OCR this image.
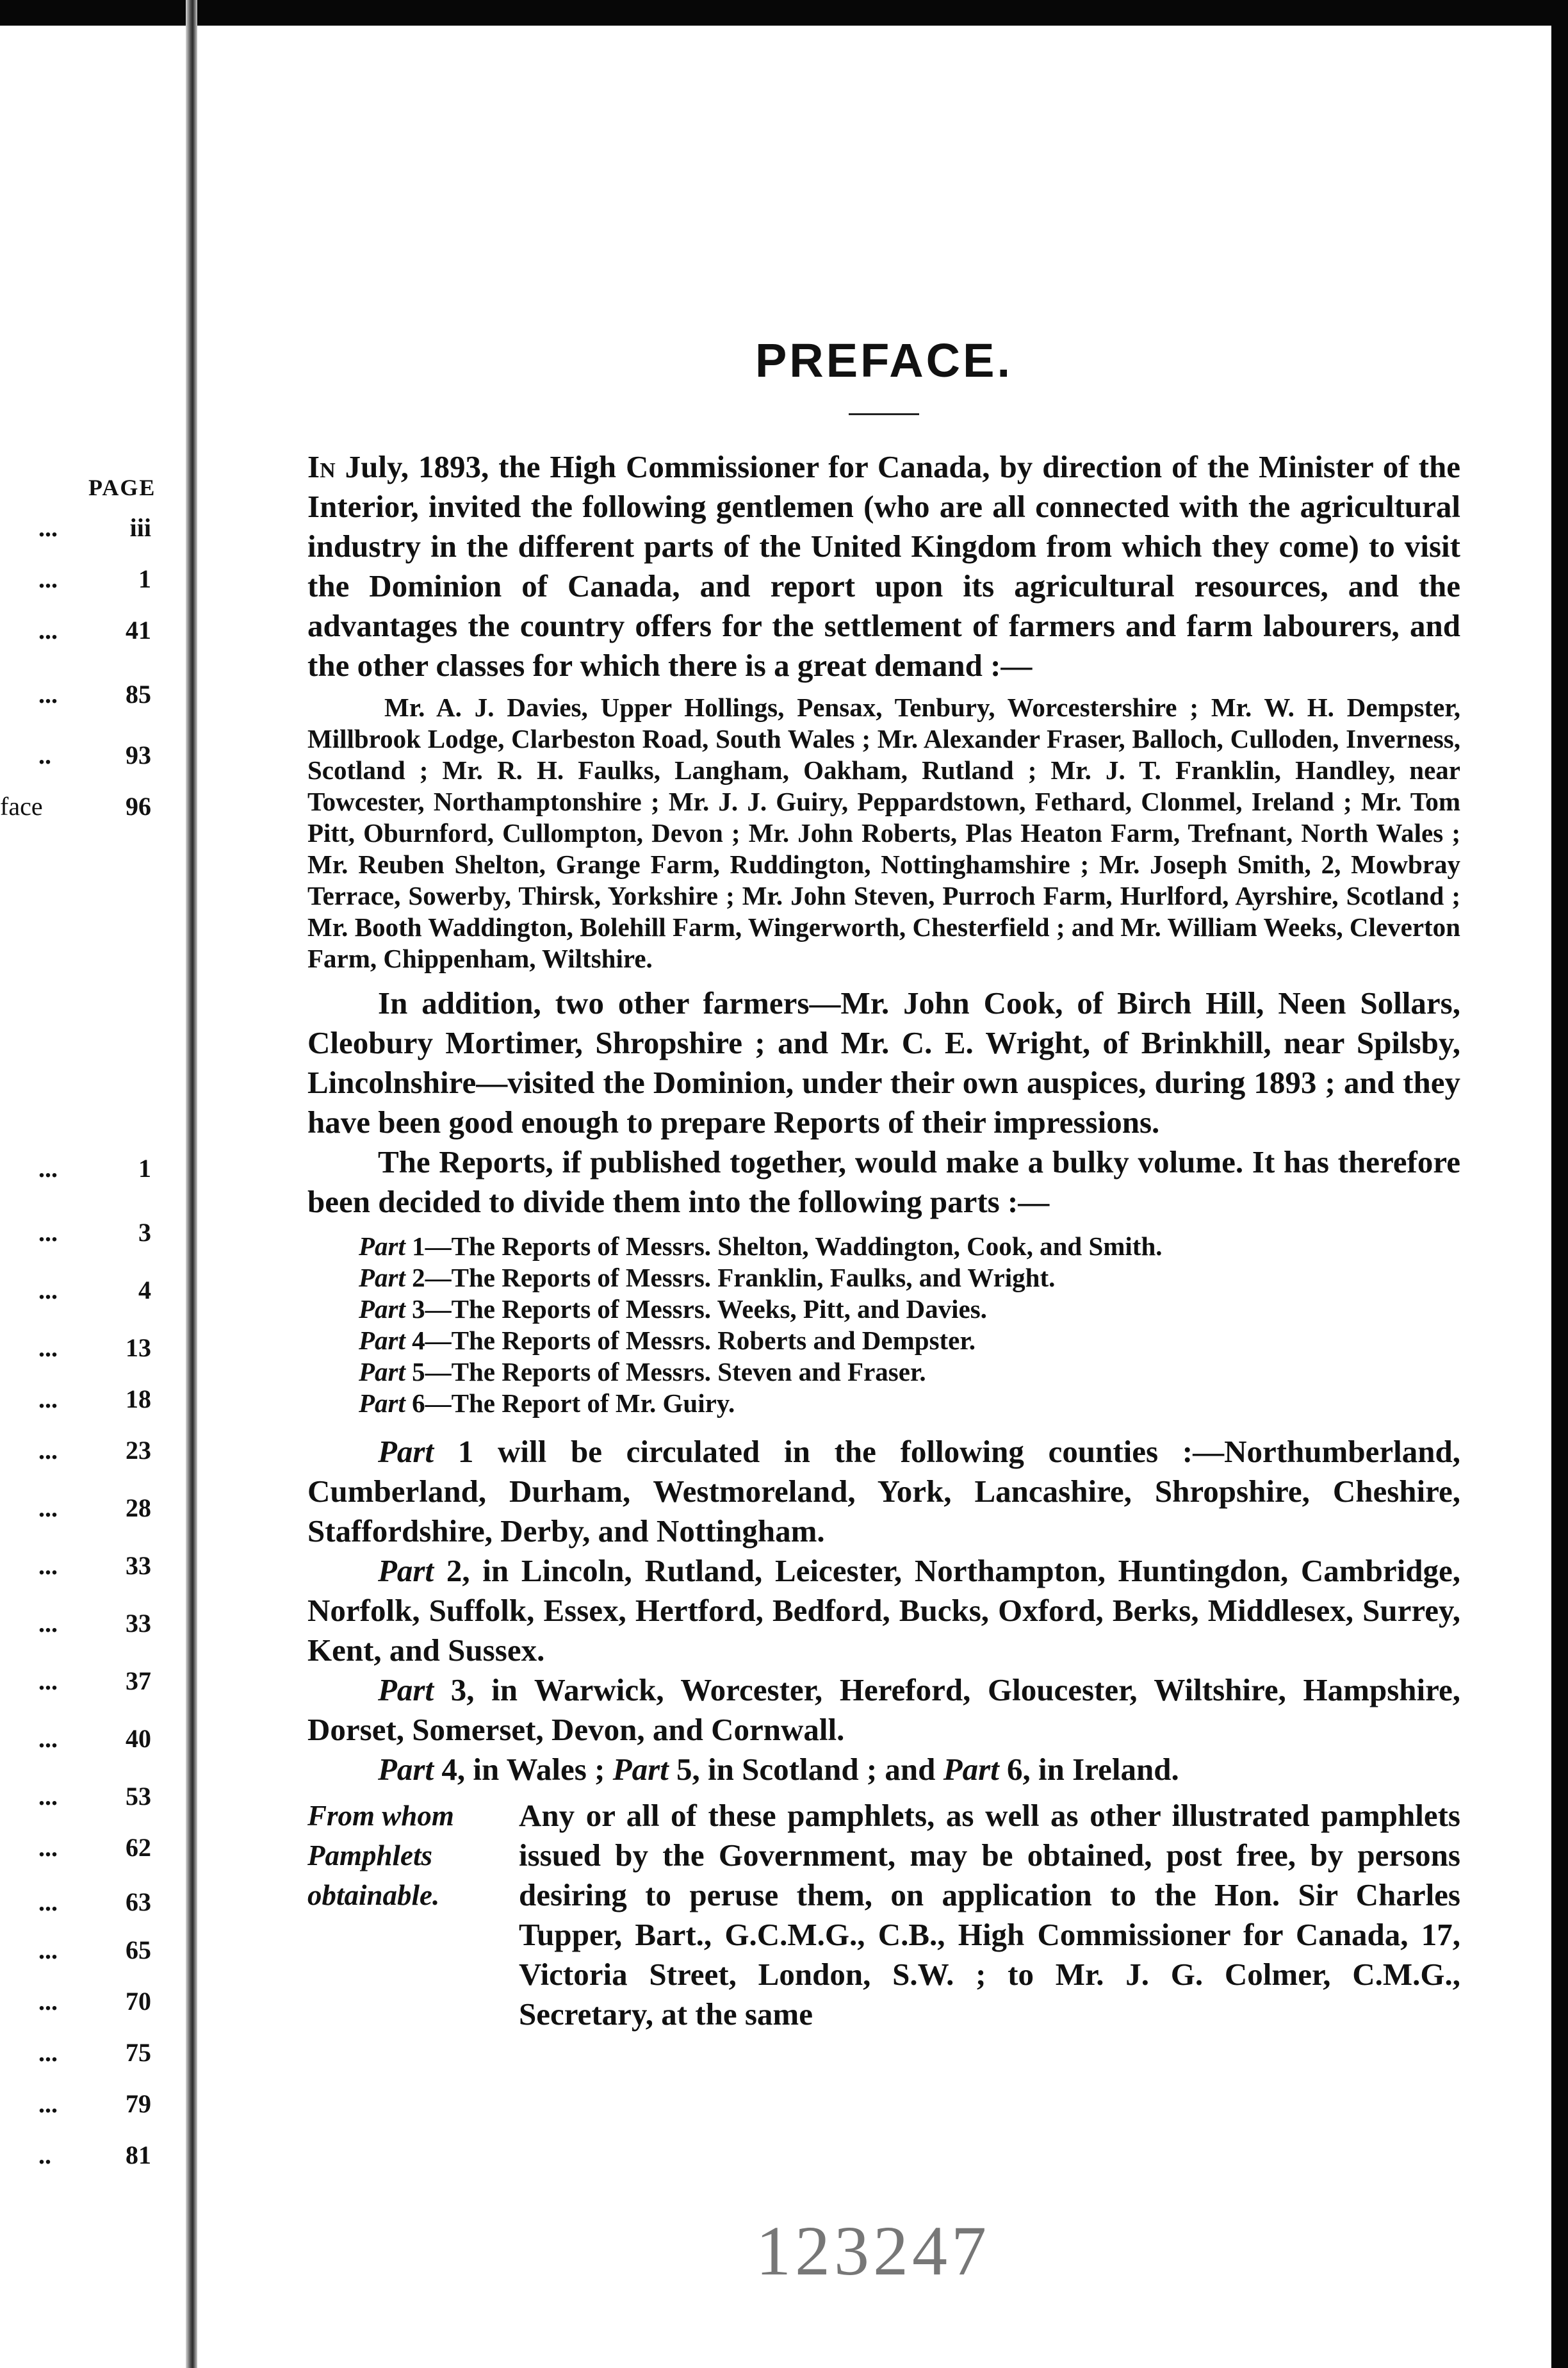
PAGE
...	iii
...	1
...	41
...	85
..	93
face	96
...	1
...	3
...	4
...	13
...	18
...	23
...	28
...	33
...	33
...	37
...	40
...	53
...	62
...	63
...	65
...	70
...	75
...	79
..	81
PREFACE.

In July, 1893, the High Commissioner for Canada, by direction of the Minister of the Interior, invited the following gentlemen (who are all connected with the agricultural industry in the different parts of the United Kingdom from which they come) to visit the Dominion of Canada, and report upon its agricultural resources, and the advantages the country offers for the settlement of farmers and farm labourers, and the other classes for which there is a great demand :—

Mr. A. J. Davies, Upper Hollings, Pensax, Tenbury, Worcestershire ; Mr. W. H. Dempster, Millbrook Lodge, Clarbeston Road, South Wales ; Mr. Alexander Fraser, Balloch, Culloden, Inverness, Scotland ; Mr. R. H. Faulks, Langham, Oakham, Rutland ; Mr. J. T. Franklin, Handley, near Towcester, Northamptonshire ; Mr. J. J. Guiry, Peppardstown, Fethard, Clonmel, Ireland ; Mr. Tom Pitt, Oburnford, Cullompton, Devon ; Mr. John Roberts, Plas Heaton Farm, Trefnant, North Wales ; Mr. Reuben Shelton, Grange Farm, Ruddington, Nottinghamshire ; Mr. Joseph Smith, 2, Mowbray Terrace, Sowerby, Thirsk, Yorkshire ; Mr. John Steven, Purroch Farm, Hurlford, Ayrshire, Scotland ; Mr. Booth Waddington, Bolehill Farm, Wingerworth, Chesterfield ; and Mr. William Weeks, Cleverton Farm, Chippenham, Wiltshire.

In addition, two other farmers—Mr. John Cook, of Birch Hill, Neen Sollars, Cleobury Mortimer, Shropshire ; and Mr. C. E. Wright, of Brinkhill, near Spilsby, Lincolnshire—visited the Dominion, under their own auspices, during 1893 ; and they have been good enough to prepare Reports of their impressions.

The Reports, if published together, would make a bulky volume. It has therefore been decided to divide them into the following parts :—

Part 1—The Reports of Messrs. Shelton, Waddington, Cook, and Smith.
Part 2—The Reports of Messrs. Franklin, Faulks, and Wright.
Part 3—The Reports of Messrs. Weeks, Pitt, and Davies.
Part 4—The Reports of Messrs. Roberts and Dempster.
Part 5—The Reports of Messrs. Steven and Fraser.
Part 6—The Report of Mr. Guiry.

Part 1 will be circulated in the following counties :—Northumberland, Cumberland, Durham, Westmoreland, York, Lancashire, Shropshire, Cheshire, Staffordshire, Derby, and Nottingham.

Part 2, in Lincoln, Rutland, Leicester, Northampton, Huntingdon, Cambridge, Norfolk, Suffolk, Essex, Hertford, Bedford, Bucks, Oxford, Berks, Middlesex, Surrey, Kent, and Sussex.

Part 3, in Warwick, Worcester, Hereford, Gloucester, Wiltshire, Hampshire, Dorset, Somerset, Devon, and Cornwall.

Part 4, in Wales ; Part 5, in Scotland ; and Part 6, in Ireland.

From whom Pamphlets obtainable.

Any or all of these pamphlets, as well as other illustrated pamphlets issued by the Government, may be obtained, post free, by persons desiring to peruse them, on application to the Hon. Sir Charles Tupper, Bart., G.C.M.G., C.B., High Commissioner for Canada, 17, Victoria Street, London, S.W. ; to Mr. J. G. Colmer, C.M.G., Secretary, at the same

123247
